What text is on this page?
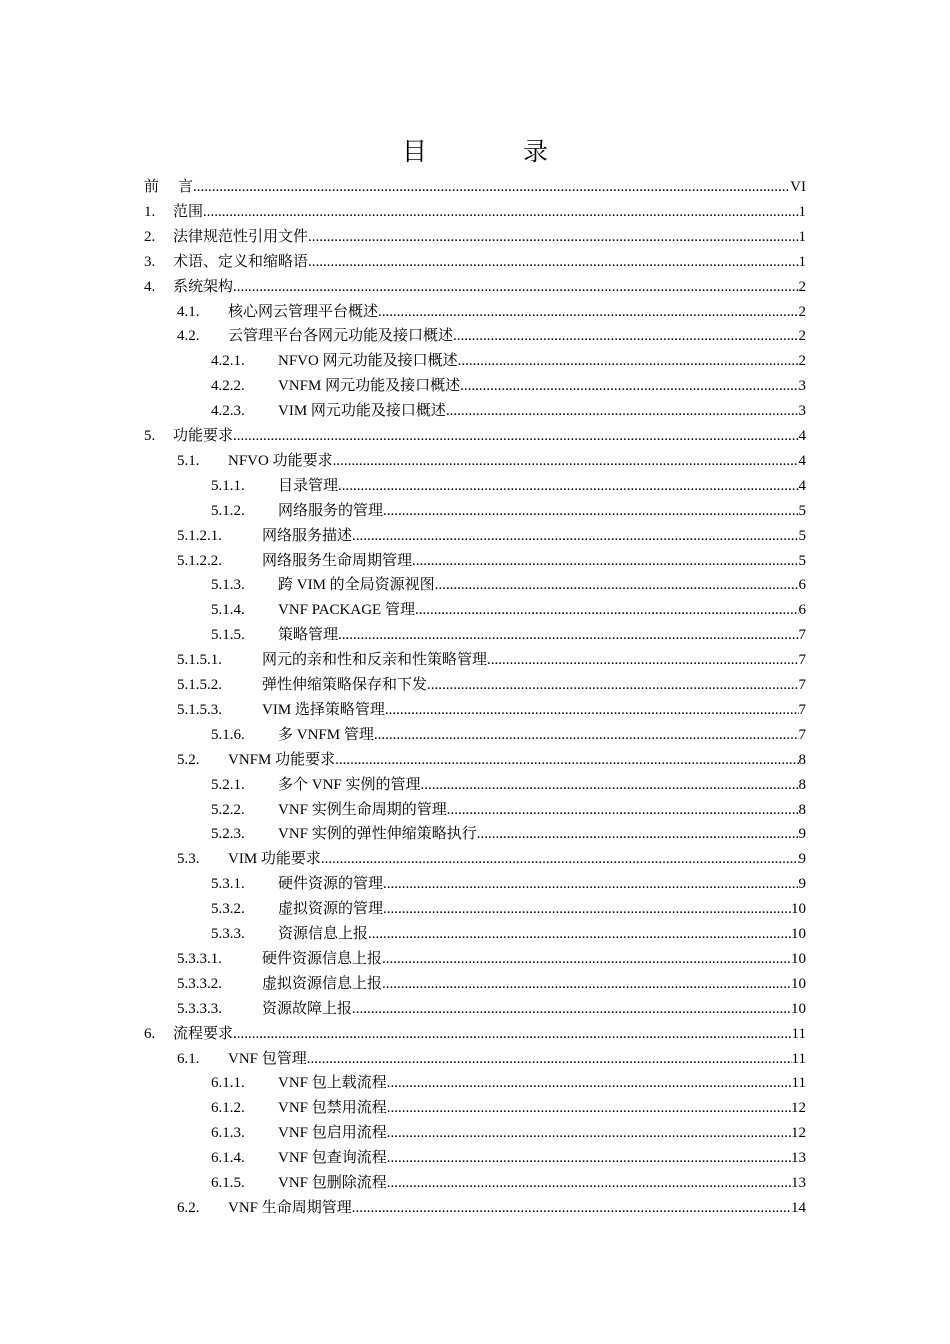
目 录
前	言 .....	VI
1.	范围 .....	1
2.	法律规范性引用文件 .....	1
3.	术语、定义和缩略语 .....	1
4.	系统架构 .....	2
4.1.	核心网云管理平台概述 .....	2
4.2.	云管理平台各网元功能及接口概述 .....	2
4.2.1.	NFVO 网元功能及接口概述 .....	2
4.2.2.	VNFM 网元功能及接口概述 .....	3
4.2.3.	VIM 网元功能及接口概述 .....	3
5.	功能要求 .....	4
5.1.	NFVO 功能要求 .....	4
5.1.1.	目录管理 .....	4
5.1.2.	网络服务的管理 .....	5
5.1.2.1.	网络服务描述 .....	5
5.1.2.2.	网络服务生命周期管理 .....	5
5.1.3.	跨 VIM 的全局资源视图 .....	6
5.1.4.	VNF PACKAGE 管理 .....	6
5.1.5.	策略管理 .....	7
5.1.5.1.	网元的亲和性和反亲和性策略管理 .....	7
5.1.5.2.	弹性伸缩策略保存和下发 .....	7
5.1.5.3.	VIM 选择策略管理 .....	7
5.1.6.	多 VNFM 管理 .....	7
5.2.	VNFM 功能要求 .....	8
5.2.1.	多个 VNF 实例的管理 .....	8
5.2.2.	VNF 实例生命周期的管理 .....	8
5.2.3.	VNF 实例的弹性伸缩策略执行 .....	9
5.3.	VIM 功能要求 .....	9
5.3.1.	硬件资源的管理 .....	9
5.3.2.	虚拟资源的管理 .....	10
5.3.3.	资源信息上报 .....	10
5.3.3.1.	硬件资源信息上报 .....	10
5.3.3.2.	虚拟资源信息上报 .....	10
5.3.3.3.	资源故障上报 .....	10
6.	流程要求 .....	11
6.1.	VNF 包管理 .....	11
6.1.1.	VNF 包上载流程 .....	11
6.1.2.	VNF 包禁用流程 .....	12
6.1.3.	VNF 包启用流程 .....	12
6.1.4.	VNF 包查询流程 .....	13
6.1.5.	VNF 包删除流程 .....	13
6.2.	VNF 生命周期管理 .....	14
